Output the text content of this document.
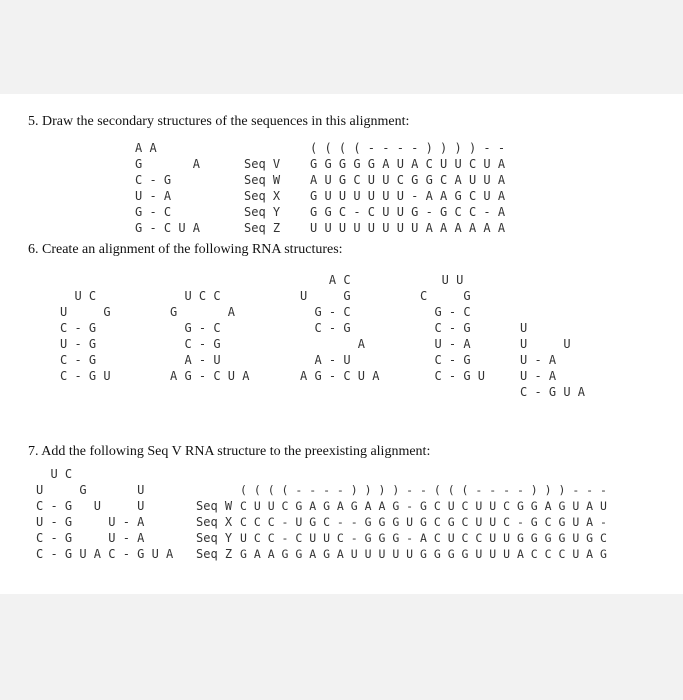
5. Draw the secondary structures of the sequences in this alignment:
A A
G       A
C - G
U - A
G - C
G - C U A

Seq V
Seq W
Seq X
Seq Y
Seq Z
( ( ( ( - - - - ) ) ) ) - -
G G G G G A U A C U U C U A
A U G C U U C G G C A U U A
G U U U U U U - A A G C U A
G G C - C U U G - G C C - A
U U U U U U U U A A A A A A
6. Create an alignment of the following RNA structures:
U C
U     G
C - G
U - G
C - G
C - G U
U C C
G       A
G - C
C - G
A - U
A G - C U A
A C
U     G
G - C
C - G
A
A - U
A G - C U A
U U
C     G
G - C
C - G
U - A
C - G
C - G U
U
U     U
U - A
U - A
C - G U A
7. Add the following Seq V RNA structure to the preexisting alignment:
U C
U     G       U
C - G   U     U
U - G     U - A
C - G     U - A
C - G U A C - G U A

Seq W
Seq X
Seq Y
Seq Z
( ( ( ( - - - - ) ) ) ) - - ( ( ( - - - - ) ) ) - - -
C U U C G A G A G A A G - G C U C U U C G G A G U A U
C C C - U G C - - G G G U G C G C U U C - G C G U A -
U C C - C U U C - G G G - A C U C C U U G G G G U G C
G A A G G A G A U U U U U G G G G U U U A C C C U A G
